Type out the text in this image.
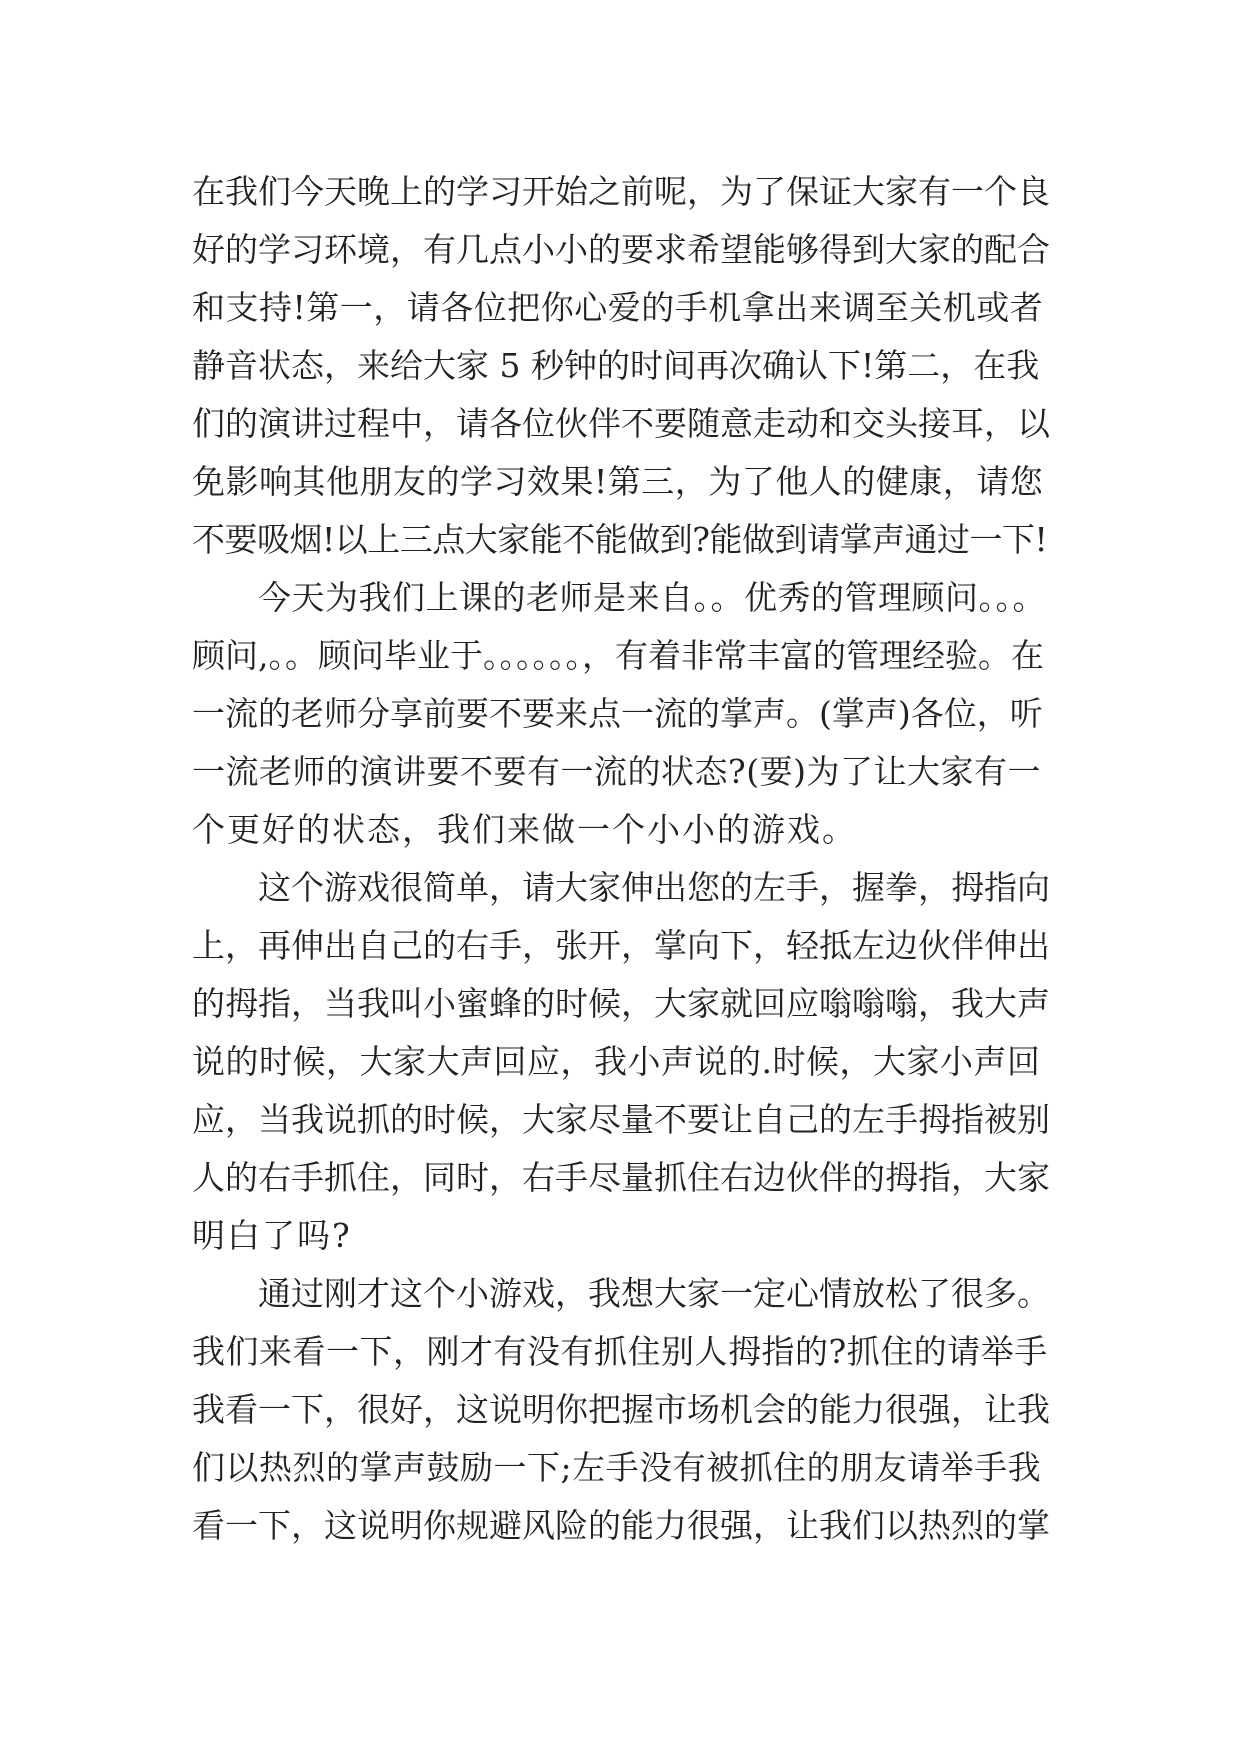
在我们今天晚上的学习开始之前呢，为了保证大家有一个良
好的学习环境，有几点小小的要求希望能够得到大家的配合
和支持!第一，请各位把你心爱的手机拿出来调至关机或者
静音状态，来给大家 5 秒钟的时间再次确认下!第二，在我
们的演讲过程中，请各位伙伴不要随意走动和交头接耳，以
免影响其他朋友的学习效果!第三，为了他人的健康，请您
不要吸烟!以上三点大家能不能做到?能做到请掌声通过一下!
今天为我们上课的老师是来自。。优秀的管理顾问。。。
顾问,。。顾问毕业于。。。。。。，有着非常丰富的管理经验。在
一流的老师分享前要不要来点一流的掌声。(掌声)各位，听
一流老师的演讲要不要有一流的状态?(要)为了让大家有一
个更好的状态，我们来做一个小小的游戏。
这个游戏很简单，请大家伸出您的左手，握拳，拇指向
上，再伸出自己的右手，张开，掌向下，轻抵左边伙伴伸出
的拇指，当我叫小蜜蜂的时候，大家就回应嗡嗡嗡，我大声
说的时候，大家大声回应，我小声说的.时候，大家小声回
应，当我说抓的时候，大家尽量不要让自己的左手拇指被别
人的右手抓住，同时，右手尽量抓住右边伙伴的拇指，大家
明白了吗?
通过刚才这个小游戏，我想大家一定心情放松了很多。
我们来看一下，刚才有没有抓住别人拇指的?抓住的请举手
我看一下，很好，这说明你把握市场机会的能力很强，让我
们以热烈的掌声鼓励一下;左手没有被抓住的朋友请举手我
看一下，这说明你规避风险的能力很强，让我们以热烈的掌
